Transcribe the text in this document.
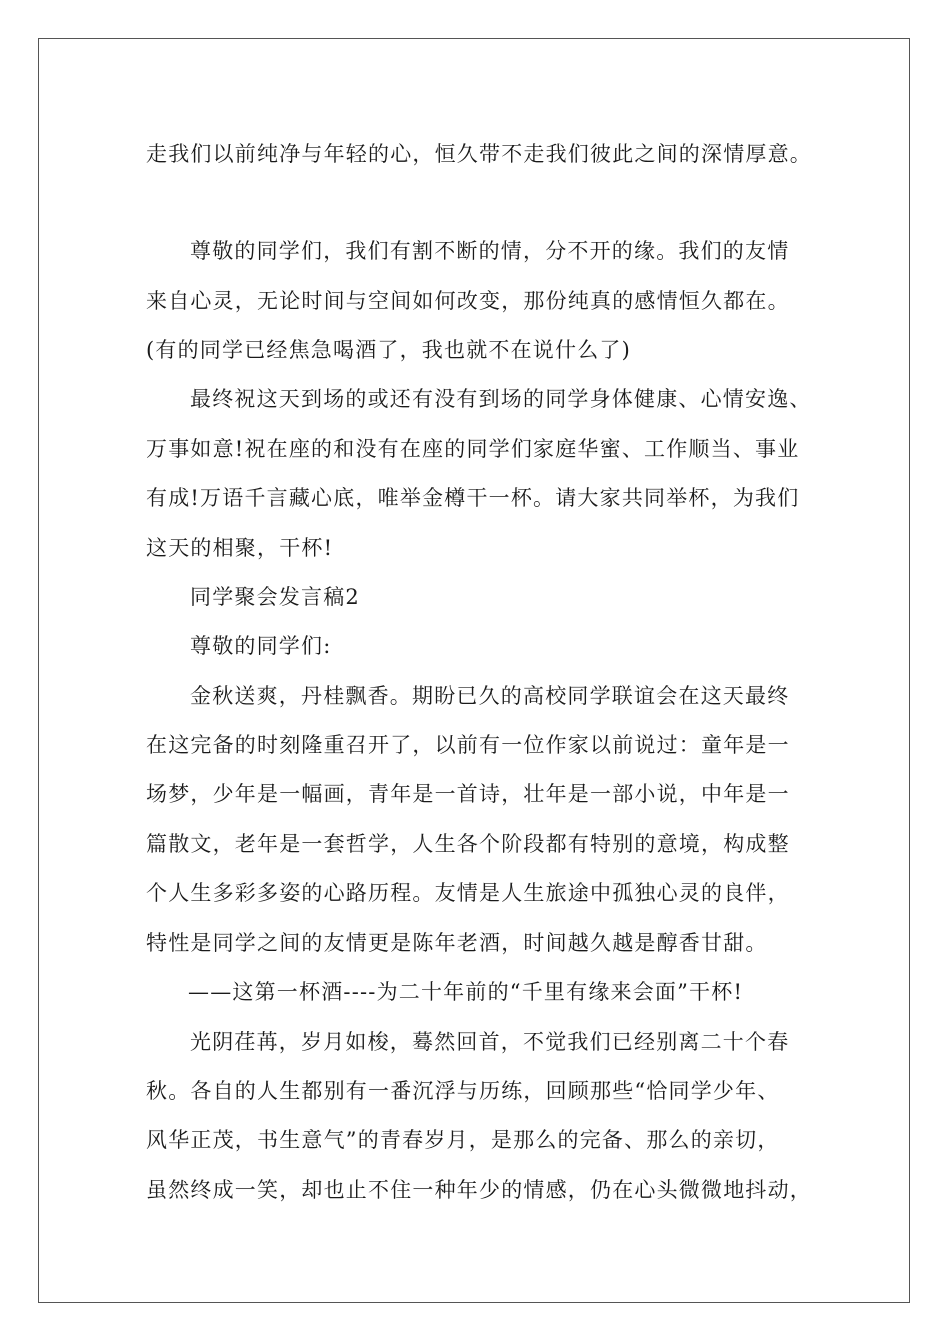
走我们以前纯净与年轻的心，恒久带不走我们彼此之间的深情厚意。
尊敬的同学们，我们有割不断的情，分不开的缘。我们的友情
来自心灵，无论时间与空间如何改变，那份纯真的感情恒久都在。
(有的同学已经焦急喝酒了，我也就不在说什么了)
最终祝这天到场的或还有没有到场的同学身体健康、心情安逸、
万事如意!祝在座的和没有在座的同学们家庭华蜜、工作顺当、事业
有成!万语千言藏心底，唯举金樽干一杯。请大家共同举杯，为我们
这天的相聚，干杯!
同学聚会发言稿2
尊敬的同学们:
金秋送爽，丹桂飘香。期盼已久的高校同学联谊会在这天最终
在这完备的时刻隆重召开了，以前有一位作家以前说过：童年是一
场梦，少年是一幅画，青年是一首诗，壮年是一部小说，中年是一
篇散文，老年是一套哲学，人生各个阶段都有特别的意境，构成整
个人生多彩多姿的心路历程。友情是人生旅途中孤独心灵的良伴，
特性是同学之间的友情更是陈年老酒，时间越久越是醇香甘甜。
——这第一杯酒----为二十年前的“千里有缘来会面”干杯!
光阴荏苒，岁月如梭，蓦然回首，不觉我们已经别离二十个春
秋。各自的人生都别有一番沉浮与历练，回顾那些“恰同学少年、
风华正茂，书生意气”的青春岁月，是那么的完备、那么的亲切，
虽然终成一笑，却也止不住一种年少的情感，仍在心头微微地抖动，
